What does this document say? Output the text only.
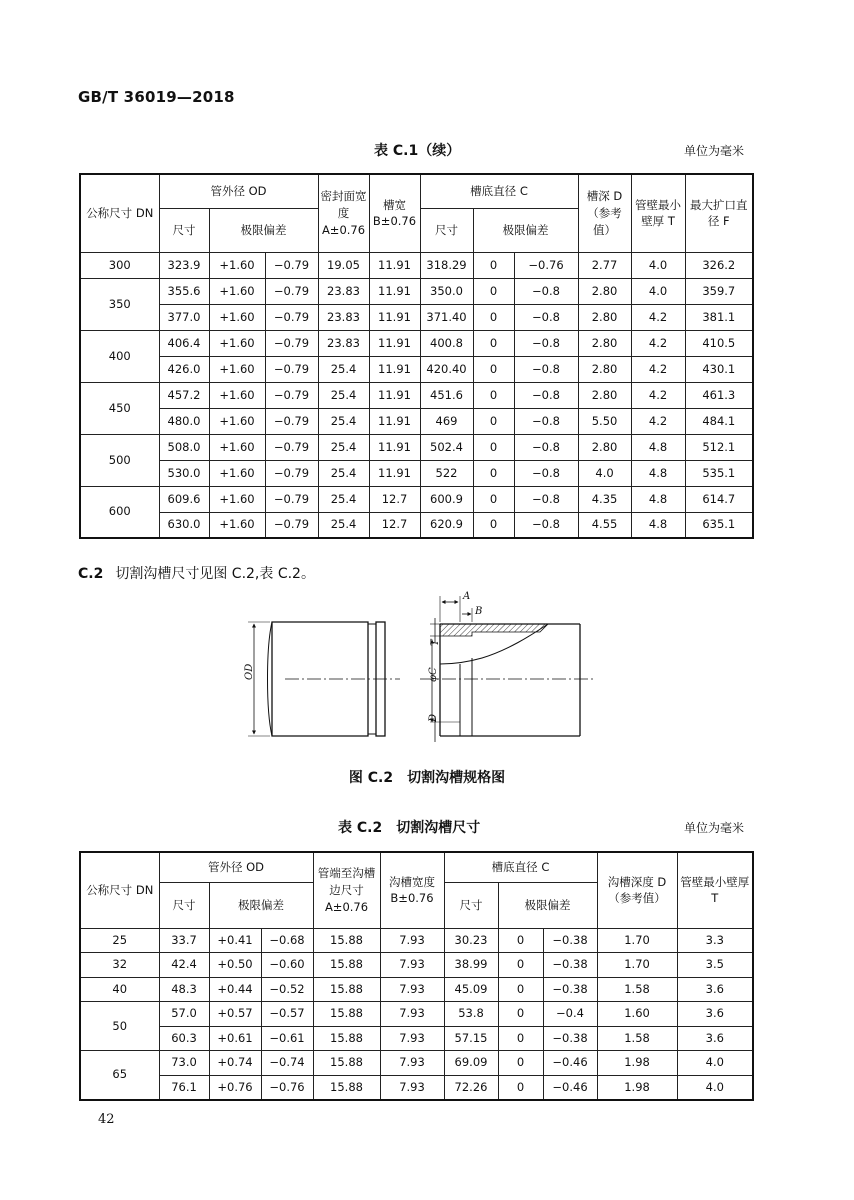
GB/T 36019—2018
表 C.1（续）	单位为毫米
公称尺寸 DN	管外径 OD			密封面宽度 A±0.76	槽宽 B±0.76	槽底直径 C			槽深 D（参考值）	管壁最小壁厚 T	最大扩口直径 F
	尺寸	极限偏差				尺寸	极限偏差				
300	323.9	+1.60	−0.79	19.05	11.91	318.29	0	−0.76	2.77	4.0	326.2
350	355.6	+1.60	−0.79	23.83	11.91	350.0	0	−0.8	2.80	4.0	359.7
	377.0	+1.60	−0.79	23.83	11.91	371.40	0	−0.8	2.80	4.2	381.1
400	406.4	+1.60	−0.79	23.83	11.91	400.8	0	−0.8	2.80	4.2	410.5
	426.0	+1.60	−0.79	25.4	11.91	420.40	0	−0.8	2.80	4.2	430.1
450	457.2	+1.60	−0.79	25.4	11.91	451.6	0	−0.8	2.80	4.2	461.3
	480.0	+1.60	−0.79	25.4	11.91	469	0	−0.8	5.50	4.2	484.1
500	508.0	+1.60	−0.79	25.4	11.91	502.4	0	−0.8	2.80	4.8	512.1
	530.0	+1.60	−0.79	25.4	11.91	522	0	−0.8	4.0	4.8	535.1
600	609.6	+1.60	−0.79	25.4	12.7	600.9	0	−0.8	4.35	4.8	614.7
	630.0	+1.60	−0.79	25.4	12.7	620.9	0	−0.8	4.55	4.8	635.1
C.2 切割沟槽尺寸见图 C.2,表 C.2。
OD
A
B
T
φC
D
图 C.2　切割沟槽规格图
表 C.2　切割沟槽尺寸	单位为毫米
公称尺寸 DN	管外径 OD			管端至沟槽边尺寸 A±0.76	沟槽宽度 B±0.76	槽底直径 C			沟槽深度 D（参考值）	管壁最小壁厚 T
	尺寸	极限偏差				尺寸	极限偏差			
25	33.7	+0.41	−0.68	15.88	7.93	30.23	0	−0.38	1.70	3.3
32	42.4	+0.50	−0.60	15.88	7.93	38.99	0	−0.38	1.70	3.5
40	48.3	+0.44	−0.52	15.88	7.93	45.09	0	−0.38	1.58	3.6
50	57.0	+0.57	−0.57	15.88	7.93	53.8	0	−0.4	1.60	3.6
	60.3	+0.61	−0.61	15.88	7.93	57.15	0	−0.38	1.58	3.6
65	73.0	+0.74	−0.74	15.88	7.93	69.09	0	−0.46	1.98	4.0
	76.1	+0.76	−0.76	15.88	7.93	72.26	0	−0.46	1.98	4.0
42
